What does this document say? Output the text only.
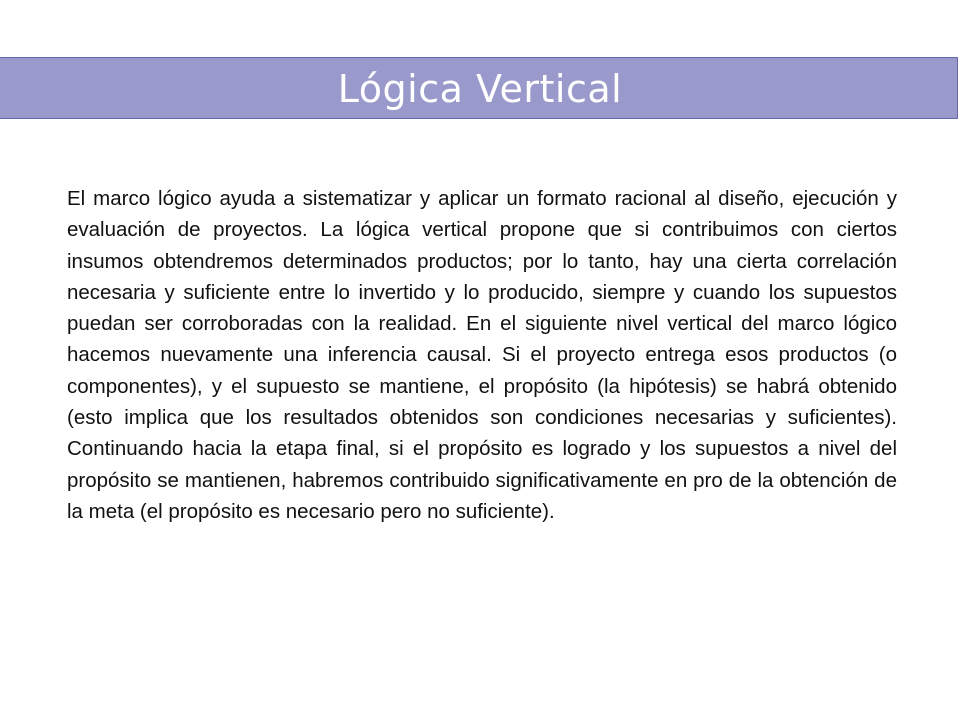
Lógica Vertical

El marco lógico ayuda a sistematizar y aplicar un formato racional al diseño, ejecución y evaluación de proyectos. La lógica vertical propone que si contribuimos con ciertos insumos obtendremos determinados productos; por lo tanto, hay una cierta correlación necesaria y suficiente entre lo invertido y lo producido, siempre y cuando los supuestos puedan ser corroboradas con la realidad. En el siguiente nivel vertical del marco lógico hacemos nuevamente una inferencia causal. Si el proyecto entrega esos productos (o componentes), y el supuesto se mantiene, el propósito (la hipótesis) se habrá obtenido (esto implica que los resultados obtenidos son condiciones necesarias y suficientes). Continuando hacia la etapa final, si el propósito es logrado y los supuestos a nivel del propósito se mantienen, habremos contribuido significativamente en pro de la obtención de la meta (el propósito es necesario pero no suficiente).
